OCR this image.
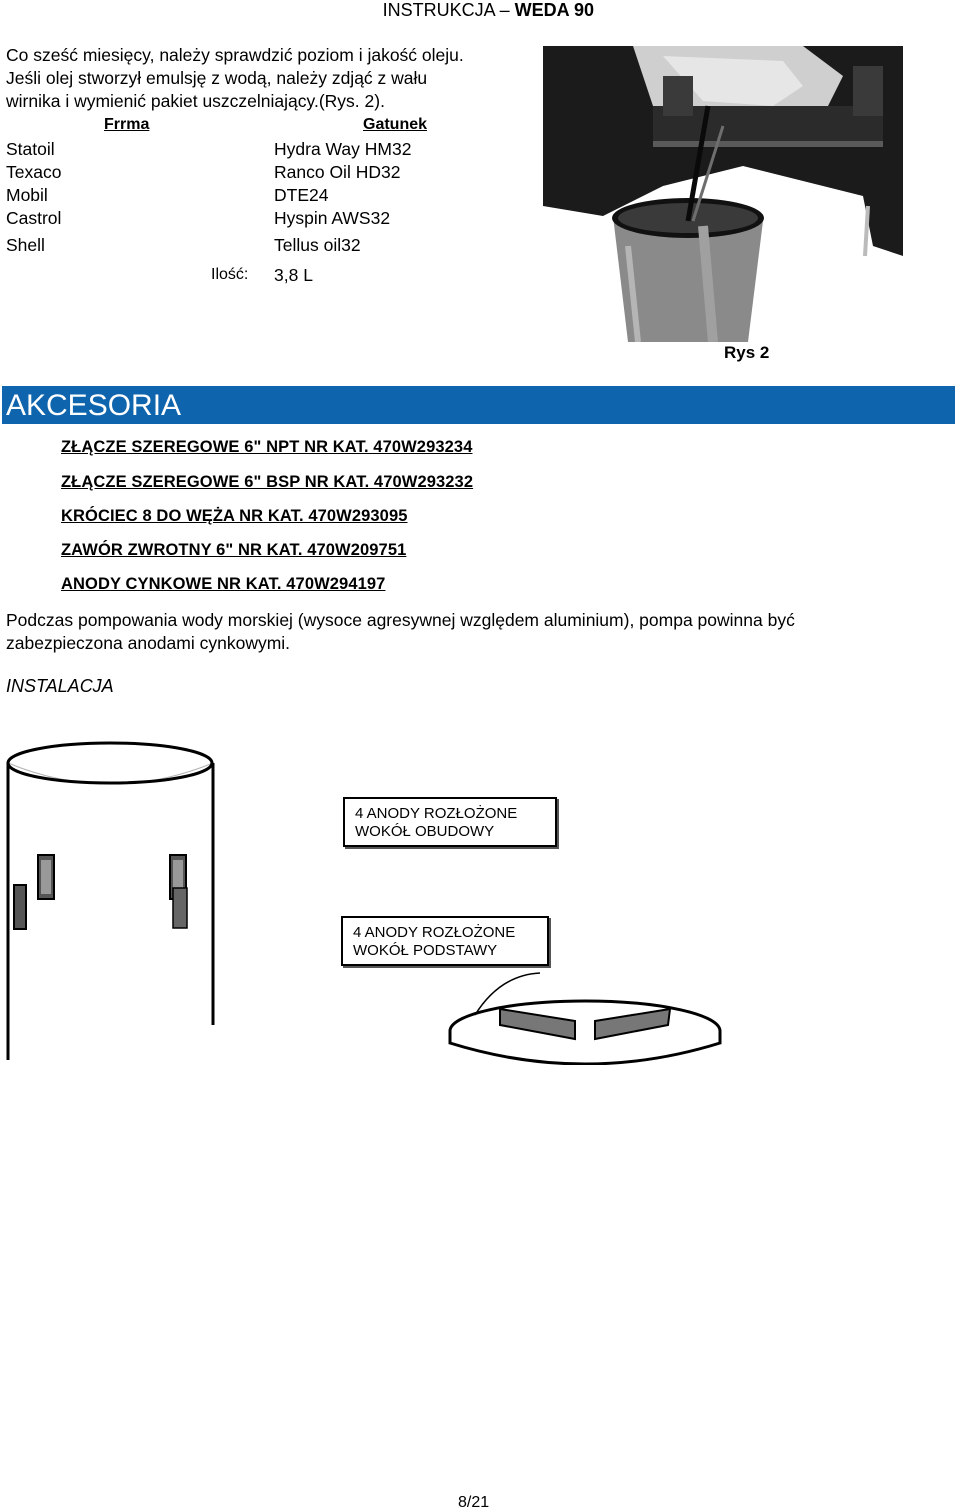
INSTRUKCJA – WEDA 90
Co sześć miesięcy, należy sprawdzić poziom i jakość oleju.
Jeśli olej stworzył emulsję z wodą, należy zdjąć z wału
wirnika i wymienić pakiet uszczelniający.(Rys. 2).
Frrma	Gatunek
Statoil	Hydra Way HM32
Texaco	Ranco Oil HD32
Mobil	DTE24
Castrol	Hyspin AWS32
Shell	Tellus oil32
Ilość: 3,8 L
Rys 2
AKCESORIA
ZŁĄCZE SZEREGOWE 6" NPT NR KAT. 470W293234
ZŁĄCZE SZEREGOWE 6" BSP NR KAT. 470W293232
KRÓCIEC 8 DO WĘŻA NR KAT. 470W293095
ZAWÓR ZWROTNY 6" NR KAT. 470W209751
ANODY CYNKOWE NR KAT. 470W294197
Podczas pompowania wody morskiej (wysoce agresywnej względem aluminium), pompa powinna być
zabezpieczona anodami cynkowymi.
INSTALACJA
4 ANODY ROZŁOŻONE
WOKÓŁ OBUDOWY
4 ANODY ROZŁOŻONE
WOKÓŁ PODSTAWY
8/21
